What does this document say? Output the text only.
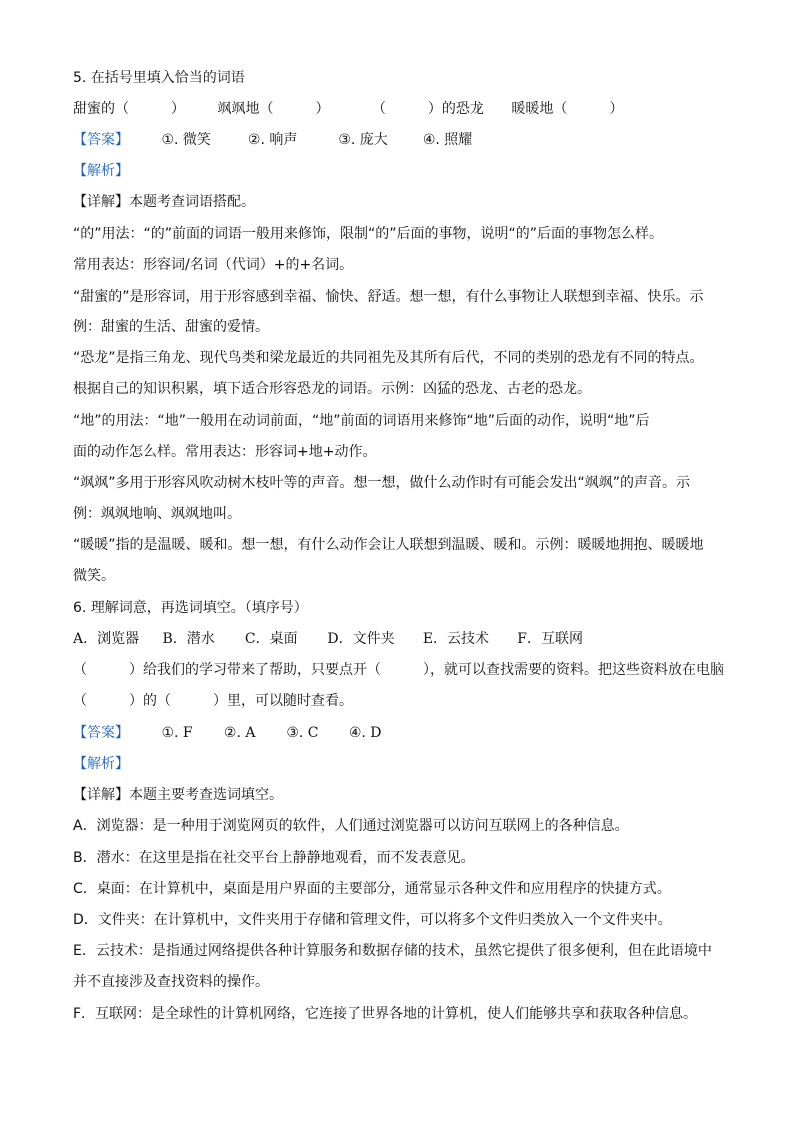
5. 在括号里填入恰当的词语
甜蜜的（　　　） 飒飒地（　　　）	（　　　）的恐龙 暖暖地（　　　）
【答案】 ①. 微笑	②. 响声	③. 庞大	④. 照耀
【解析】
【详解】本题考查词语搭配。
“的”用法：“的”前面的词语一般用来修饰，限制“的”后面的事物，说明“的”后面的事物怎么样。
常用表达：形容词/名词（代词）+的+名词。
“甜蜜的”是形容词，用于形容感到幸福、愉快、舒适。想一想，有什么事物让人联想到幸福、快乐。示
例：甜蜜的生活、甜蜜的爱情。
“恐龙”是指三角龙、现代鸟类和梁龙最近的共同祖先及其所有后代，不同的类别的恐龙有不同的特点。
根据自己的知识积累，填下适合形容恐龙的词语。示例：凶猛的恐龙、古老的恐龙。
“地”的用法：“地”一般用在动词前面，“地”前面的词语用来修饰“地”后面的动作，说明“地”后
面的动作怎么样。常用表达：形容词+地+动作。
“飒飒”多用于形容风吹动树木枝叶等的声音。想一想，做什么动作时有可能会发出“飒飒”的声音。示
例：飒飒地响、飒飒地叫。
“暖暖”指的是温暖、暖和。想一想，有什么动作会让人联想到温暖、暖和。示例：暖暖地拥抱、暖暖地
微笑。
6. 理解词意，再选词填空。（填序号）
A．浏览器 B．潜水 C．桌面 D．文件夹 E．云技术 F．互联网
（　　　）给我们的学习带来了帮助，只要点开（　　　），就可以查找需要的资料。把这些资料放在电脑
（　　　）的（　　　）里，可以随时查看。
【答案】 ①. F ②. A ③. C ④. D
【解析】
【详解】本题主要考查选词填空。
A．浏览器：是一种用于浏览网页的软件，人们通过浏览器可以访问互联网上的各种信息。
B．潜水：在这里是指在社交平台上静静地观看，而不发表意见。
C．桌面：在计算机中，桌面是用户界面的主要部分，通常显示各种文件和应用程序的快捷方式。
D．文件夹：在计算机中，文件夹用于存储和管理文件，可以将多个文件归类放入一个文件夹中。
E．云技术：是指通过网络提供各种计算服务和数据存储的技术，虽然它提供了很多便利，但在此语境中
并不直接涉及查找资料的操作。
F．互联网：是全球性的计算机网络，它连接了世界各地的计算机，使人们能够共享和获取各种信息。
